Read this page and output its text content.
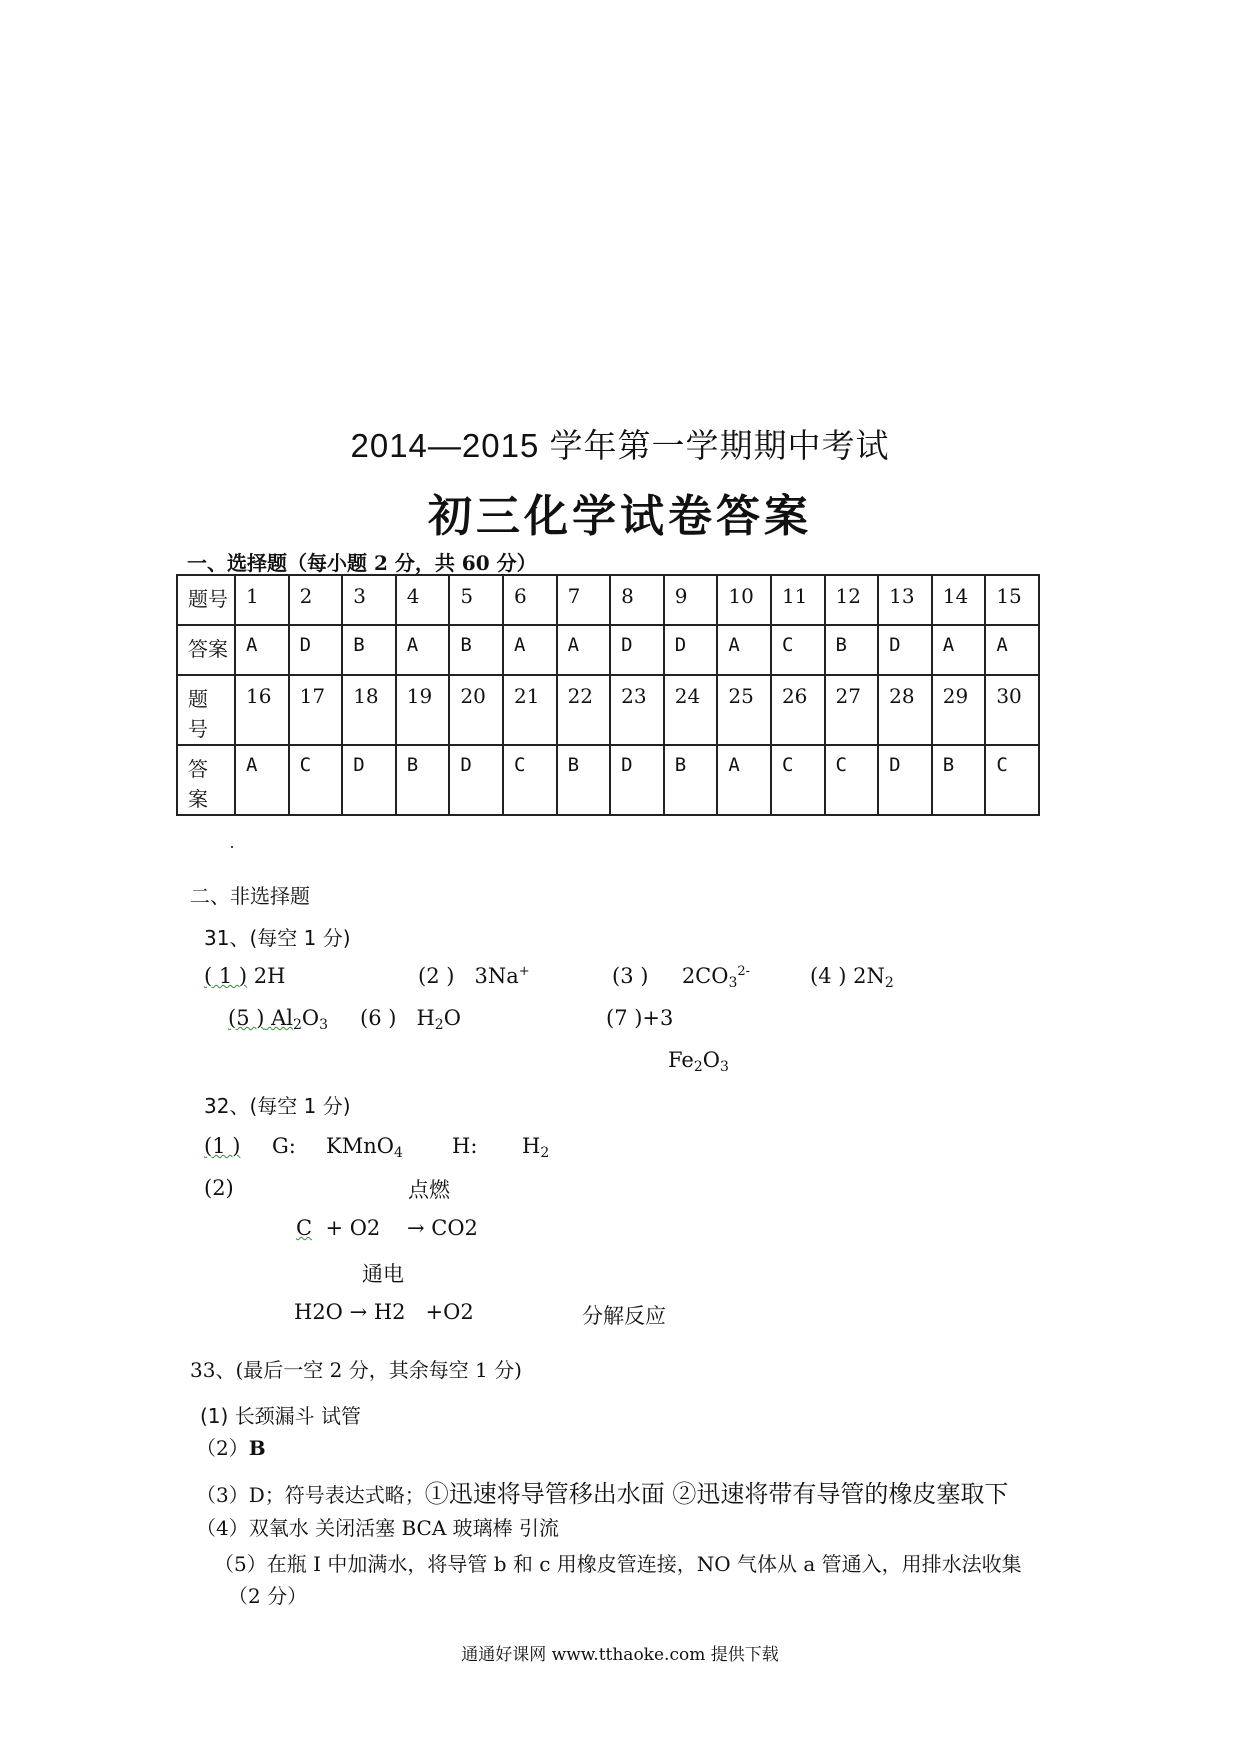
2014—2015 学年第一学期期中考试
初三化学试卷答案
一、选择题（每小题 2 分，共 60 分）
题号	1	2	3	4	5	6	7	8	9	10	11	12	13	14	15
答案	A	D	B	A	B	A	A	D	D	A	C	B	D	A	A

题
号	16	17	18	19	20	21	22	23	24	25	26	27	28	29	30

答
案	A	C	D	B	D	C	B	D	B	A	C	C	D	B	C
二、非选择题
31、(每空 1 分)
( 1 ) 2H	(2 ) 3Na+	(3 ) $2CO_3^{2-}$	(4 ) $2N_2$
(5 ) $Al_2O_3$ (6 ) $H_2O$	(7 )+3
$Fe_2O_3$
32、(每空 1 分)
(1 ) G: KMnO$_4$ H: $H_2$
(2)	点燃
C + O2 → CO2
通电
H2O → H2 +O2	分解反应
33、(最后一空 2 分，其余每空 1 分)
(1) 长颈漏斗 试管
（2）B
（3）D；符号表达式略；①迅速将导管移出水面 ②迅速将带有导管的橡皮塞取下
（4）双氧水 关闭活塞 BCA 玻璃棒 引流
（5）在瓶 I 中加满水，将导管 b 和 c 用橡皮管连接，NO 气体从 a 管通入，用排水法收集
（2 分）
通通好课网 www.tthaoke.com 提供下载
